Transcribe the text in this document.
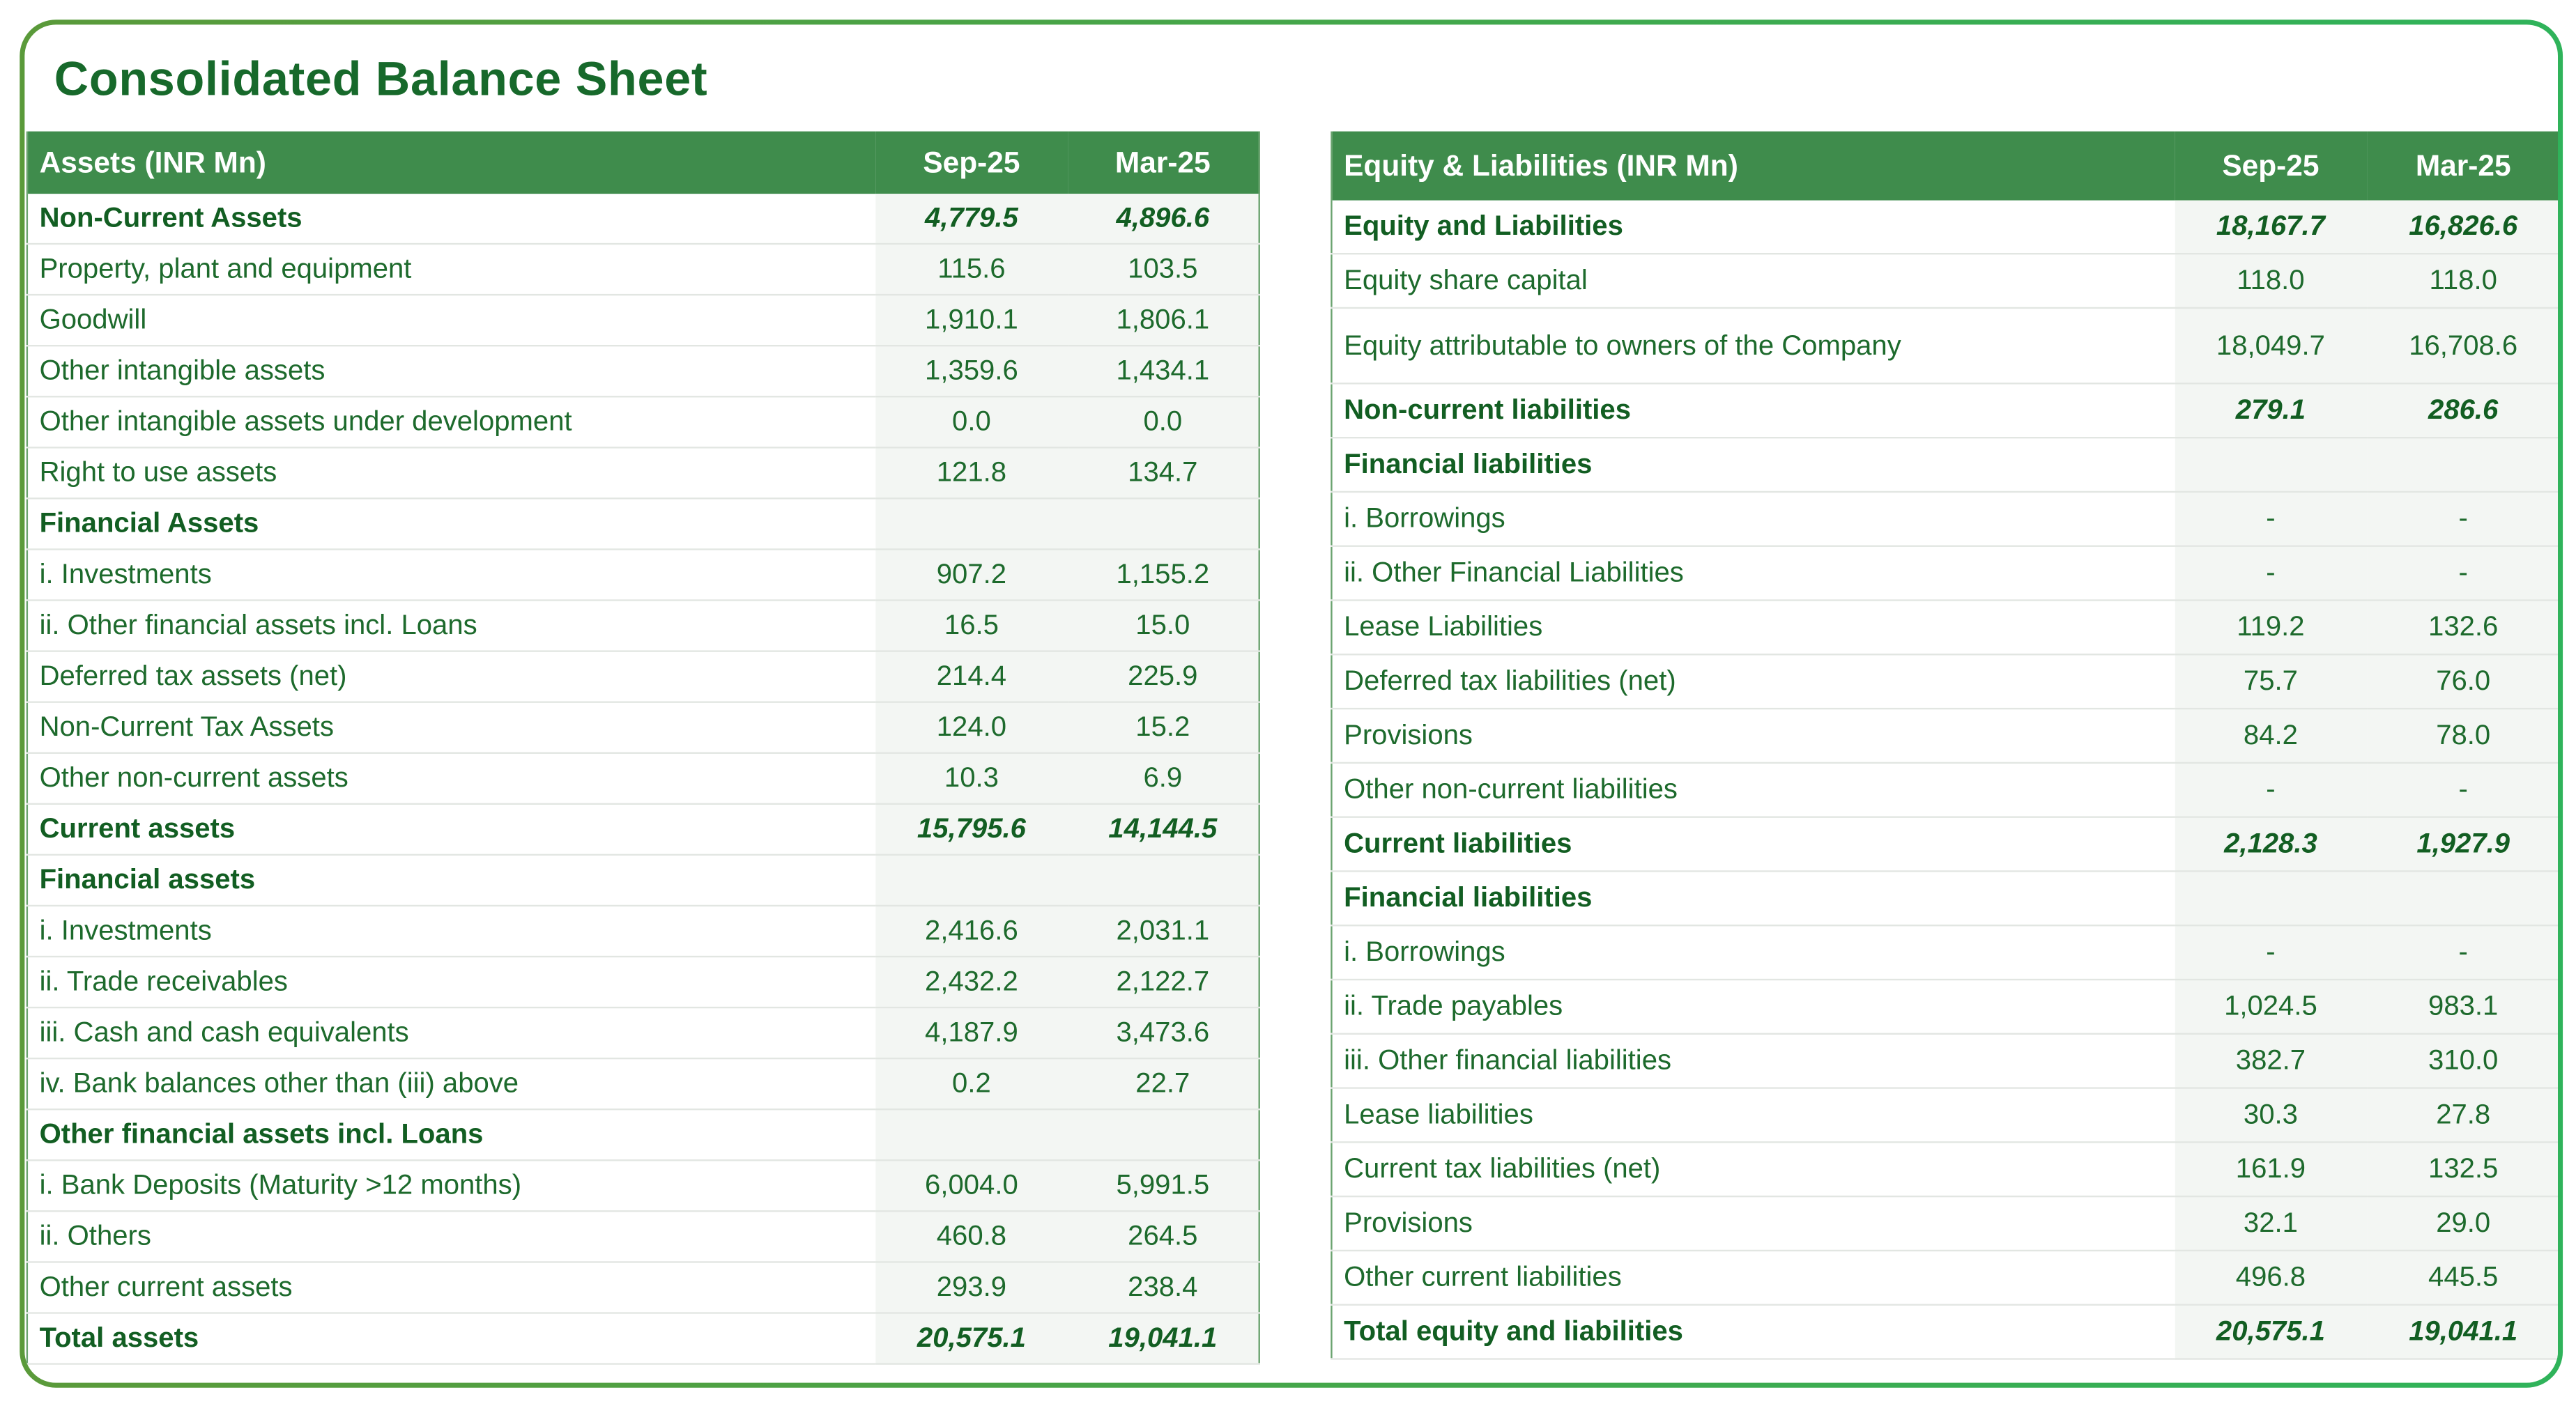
Consolidated Balance Sheet
Assets (INR Mn)	Sep-25	Mar-25
Non-Current Assets	4,779.5	4,896.6
Property, plant and equipment	115.6	103.5
Goodwill	1,910.1	1,806.1
Other intangible assets	1,359.6	1,434.1
Other intangible assets under development	0.0	0.0
Right to use assets	121.8	134.7
Financial Assets		
i. Investments	907.2	1,155.2
ii. Other financial assets incl. Loans	16.5	15.0
Deferred tax assets (net)	214.4	225.9
Non-Current Tax Assets	124.0	15.2
Other non-current assets	10.3	6.9
Current assets	15,795.6	14,144.5
Financial assets		
i. Investments	2,416.6	2,031.1
ii. Trade receivables	2,432.2	2,122.7
iii. Cash and cash equivalents	4,187.9	3,473.6
iv. Bank balances other than (iii) above	0.2	22.7
Other financial assets incl. Loans		
i. Bank Deposits (Maturity >12 months)	6,004.0	5,991.5
ii. Others	460.8	264.5
Other current assets	293.9	238.4
Total assets	20,575.1	19,041.1
Equity & Liabilities (INR Mn)	Sep-25	Mar-25
Equity and Liabilities	18,167.7	16,826.6
Equity share capital	118.0	118.0
Equity attributable to owners of the Company	18,049.7	16,708.6
Non-current liabilities	279.1	286.6
Financial liabilities		
i. Borrowings	-	-
ii. Other Financial Liabilities	-	-
Lease Liabilities	119.2	132.6
Deferred tax liabilities (net)	75.7	76.0
Provisions	84.2	78.0
Other non-current liabilities	-	-
Current liabilities	2,128.3	1,927.9
Financial liabilities		
i. Borrowings	-	-
ii. Trade payables	1,024.5	983.1
iii. Other financial liabilities	382.7	310.0
Lease liabilities	30.3	27.8
Current tax liabilities (net)	161.9	132.5
Provisions	32.1	29.0
Other current liabilities	496.8	445.5
Total equity and liabilities	20,575.1	19,041.1
